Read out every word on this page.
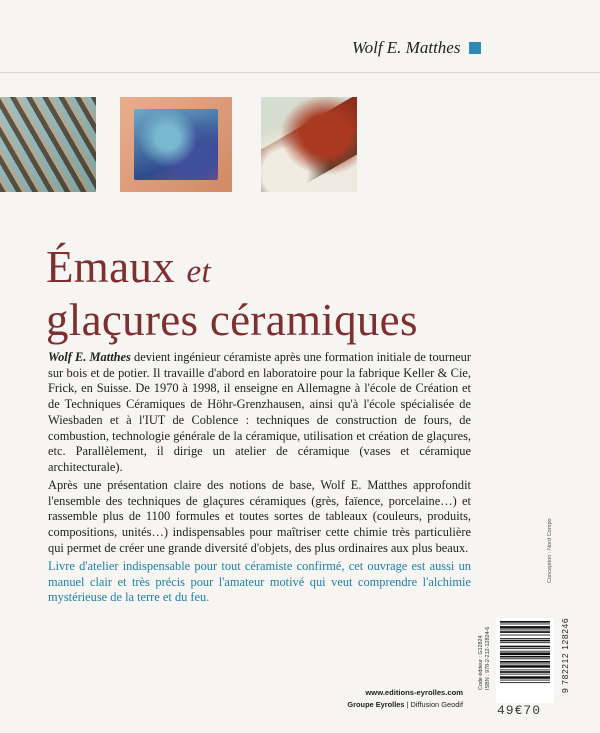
Wolf E. Matthes
Émaux et
glaçures céramiques

Wolf E. Matthes devient ingénieur céramiste après une formation initiale de tourneur sur bois et de potier. Il travaille d'abord en laboratoire pour la fabrique Keller & Cie, Frick, en Suisse. De 1970 à 1998, il enseigne en Allemagne à l'école de Création et de Techniques Céramiques de Höhr-Grenzhausen, ainsi qu'à l'école spécialisée de Wiesbaden et à l'IUT de Coblence : techniques de construction de fours, de combustion, technologie générale de la céramique, utilisation et création de glaçures, etc. Parallèlement, il dirige un atelier de céramique (vases et céramique architecturale).

Après une présentation claire des notions de base, Wolf E. Matthes approfondit l'ensemble des techniques de glaçures céramiques (grès, faïence, porcelaine…) et rassemble plus de 1100 formules et toutes sortes de tableaux (couleurs, produits, compositions, unités…) indispensables pour maîtriser cette chimie très particulière qui permet de créer une grande diversité d'objets, des plus ordinaires aux plus beaux.

Livre d'atelier indispensable pour tout céramiste confirmé, cet ouvrage est aussi un manuel clair et très précis pour l'amateur motivé qui veut comprendre l'alchimie mystérieuse de la terre et du feu.

Conception : Nord Compo
www.editions-eyrolles.com
Groupe Eyrolles | Diffusion Geodif
Code éditeur : G12824 ISBN : 978-2-212-12824-6	9 782212 128246
49€70
